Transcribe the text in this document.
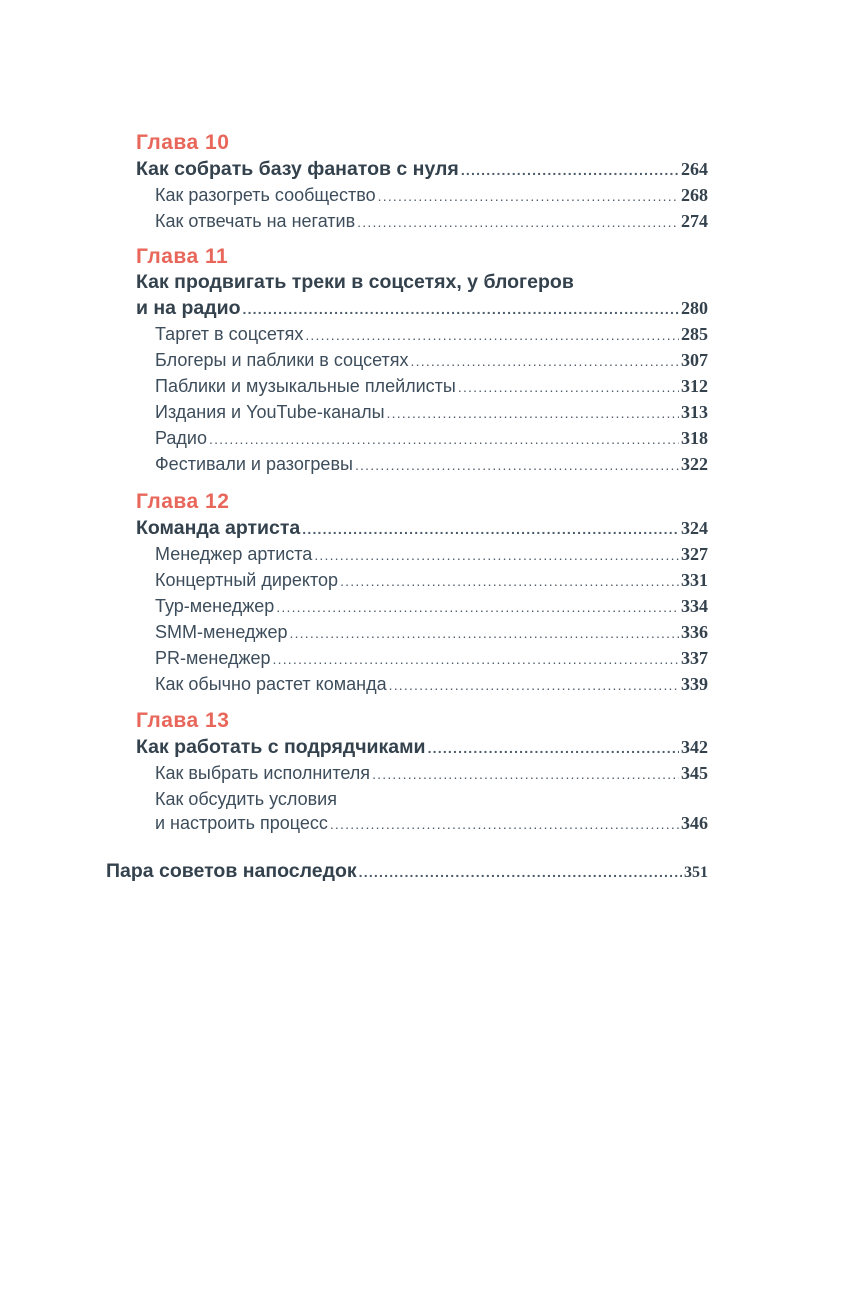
Глава 10
Как собрать базу фанатов с нуля .....	264
Как разогреть сообщество .....	268
Как отвечать на негатив .....	274
Глава 11
Как продвигать треки в соцсетях, у блогеров
и на радио .....	280
Таргет в соцсетях .....	285
Блогеры и паблики в соцсетях .....	307
Паблики и музыкальные плейлисты .....	312
Издания и YouTube-каналы .....	313
Радио .....	318
Фестивали и разогревы .....	322
Глава 12
Команда артиста .....	324
Менеджер артиста .....	327
Концертный директор .....	331
Тур-менеджер .....	334
SMM-менеджер .....	336
PR-менеджер .....	337
Как обычно растет команда .....	339
Глава 13
Как работать с подрядчиками .....	342
Как выбрать исполнителя .....	345
Как обсудить условия
и настроить процесс .....	346
Пара советов напоследок .....	351
